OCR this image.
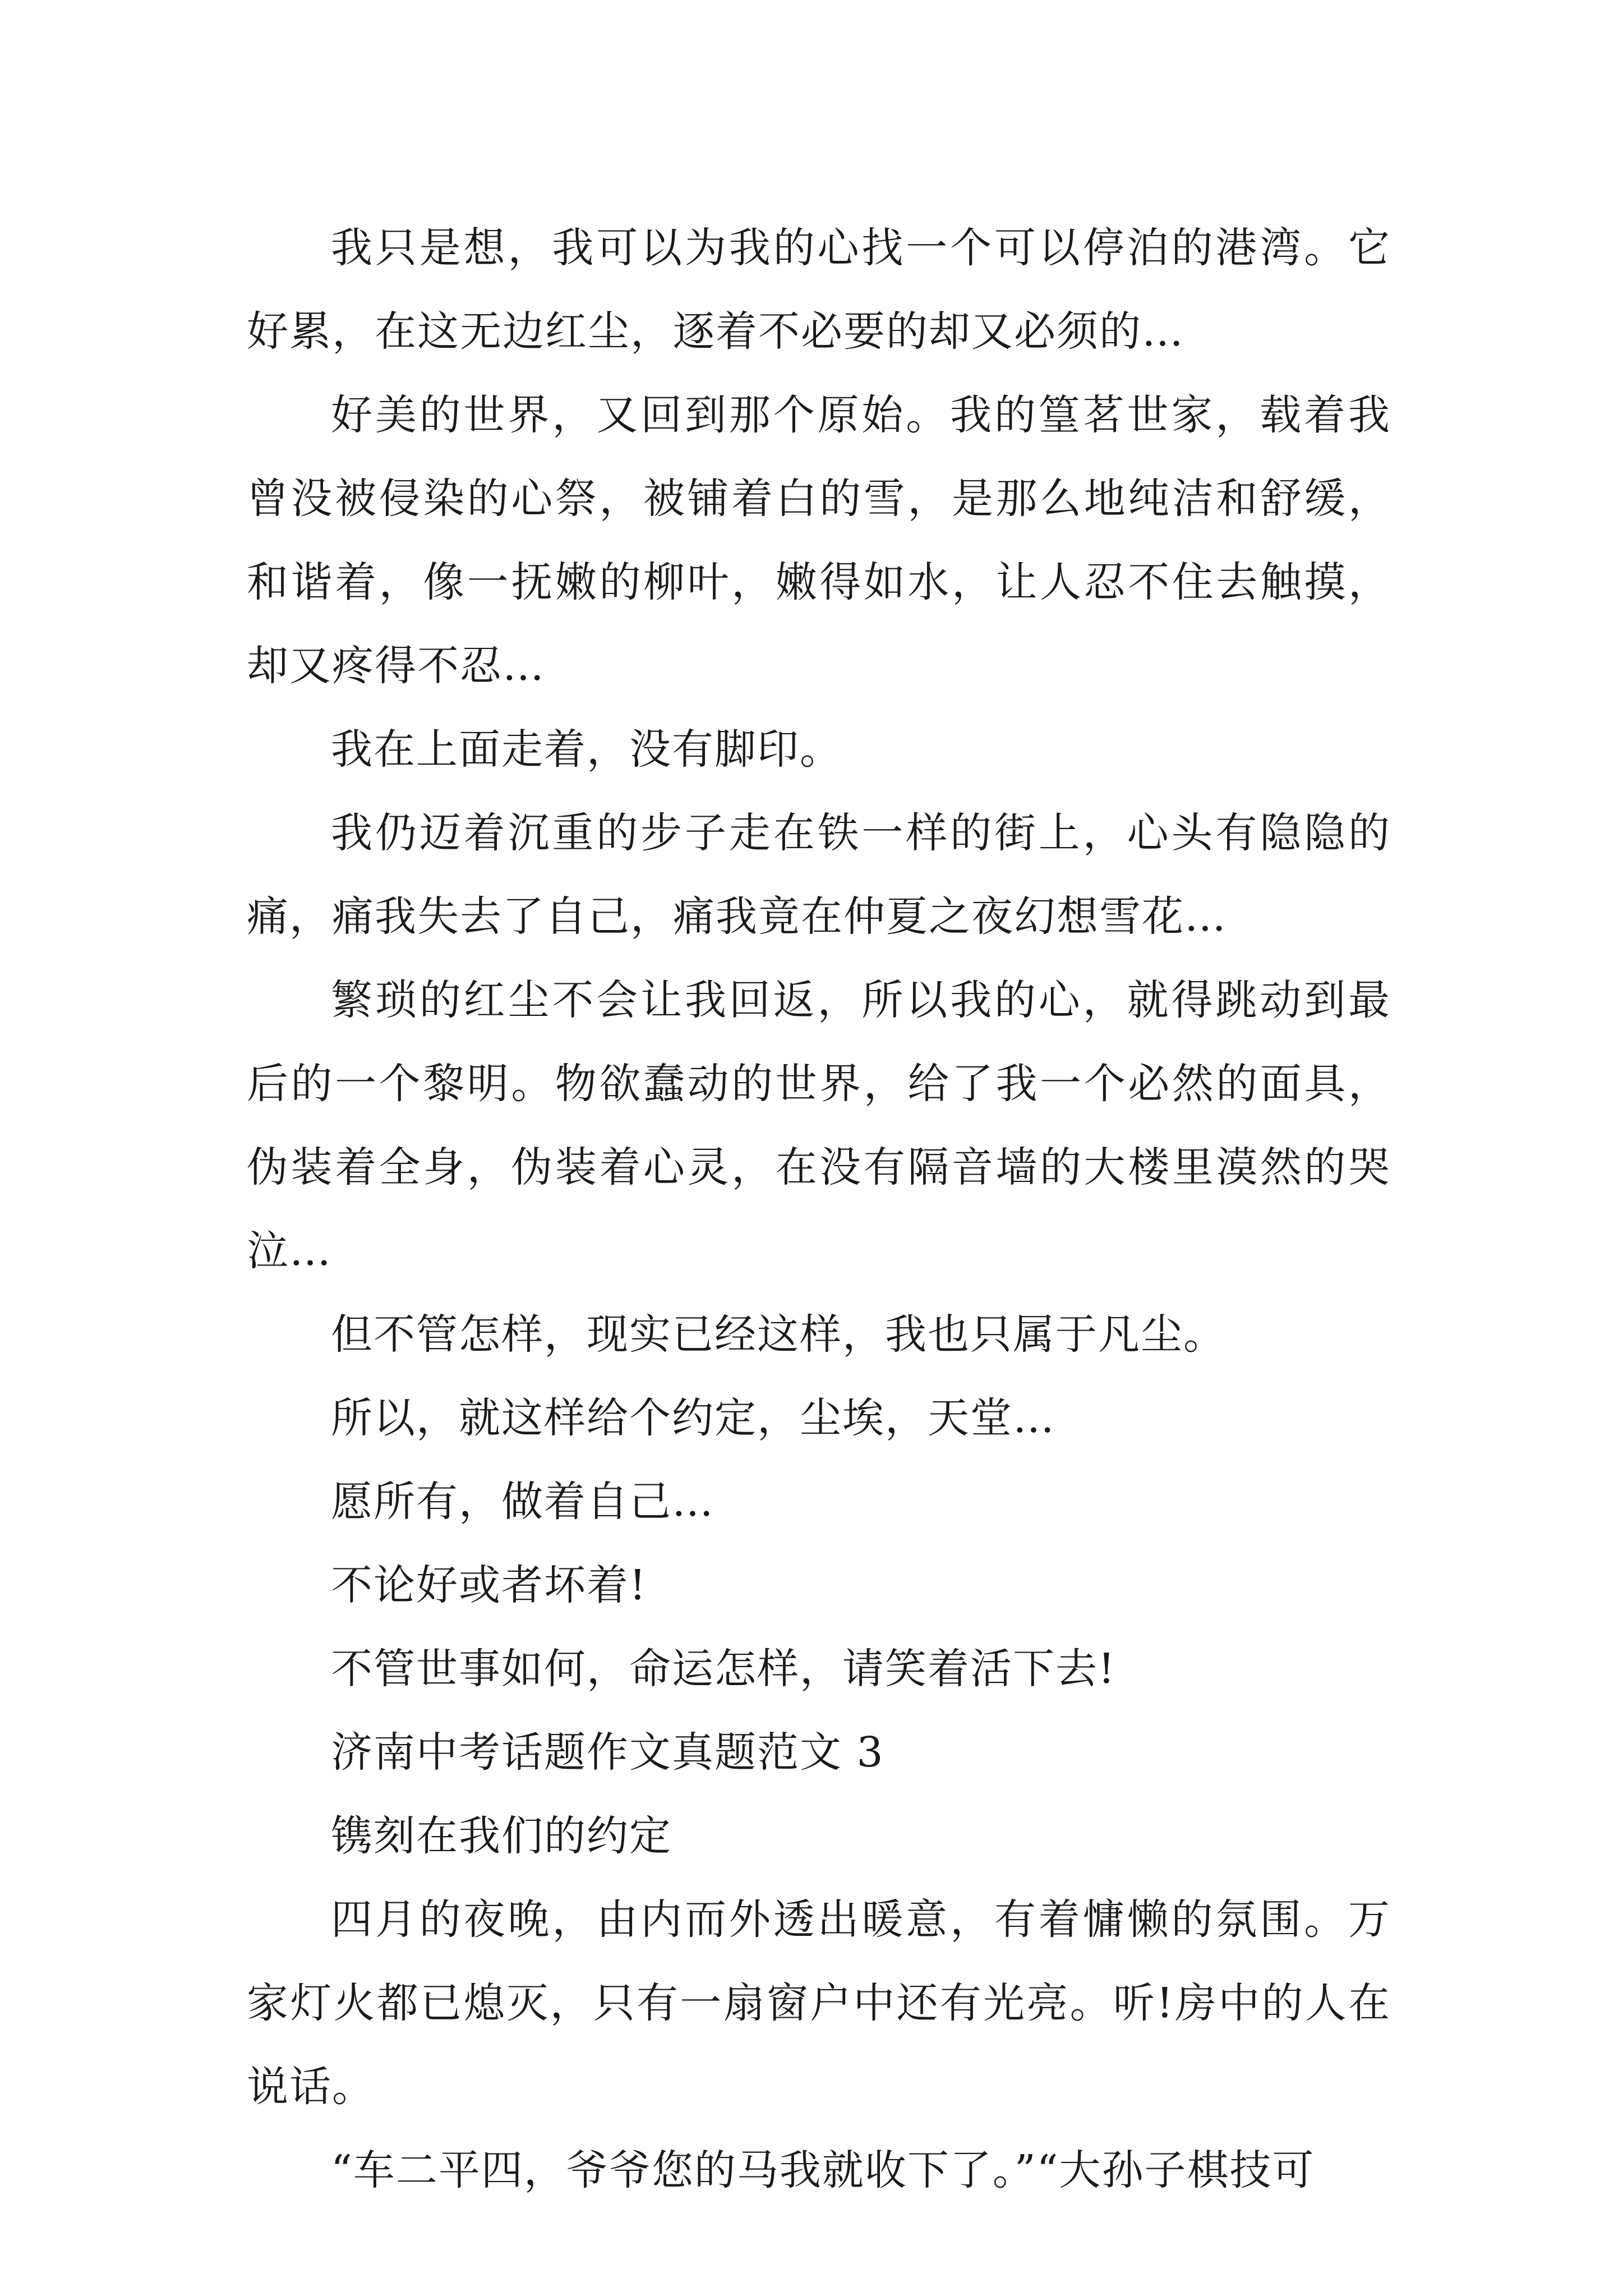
我只是想，我可以为我的心找一个可以停泊的港湾。它好累，在这无边红尘，逐着不必要的却又必须的…

好美的世界，又回到那个原始。我的篁茗世家，载着我曾没被侵染的心祭，被铺着白的雪，是那么地纯洁和舒缓，和谐着，像一抚嫩的柳叶，嫩得如水，让人忍不住去触摸，却又疼得不忍…

我在上面走着，没有脚印。

我仍迈着沉重的步子走在铁一样的街上，心头有隐隐的痛，痛我失去了自己，痛我竟在仲夏之夜幻想雪花…

繁琐的红尘不会让我回返，所以我的心，就得跳动到最后的一个黎明。物欲蠢动的世界，给了我一个必然的面具，伪装着全身，伪装着心灵，在没有隔音墙的大楼里漠然的哭泣…

但不管怎样，现实已经这样，我也只属于凡尘。

所以，就这样给个约定，尘埃，天堂…

愿所有，做着自己…

不论好或者坏着!

不管世事如何，命运怎样，请笑着活下去!

济南中考话题作文真题范文 3

镌刻在我们的约定

四月的夜晚，由内而外透出暖意，有着慵懒的氛围。万家灯火都已熄灭，只有一扇窗户中还有光亮。听!房中的人在说话。

“车二平四，爷爷您的马我就收下了。”“大孙子棋技可
